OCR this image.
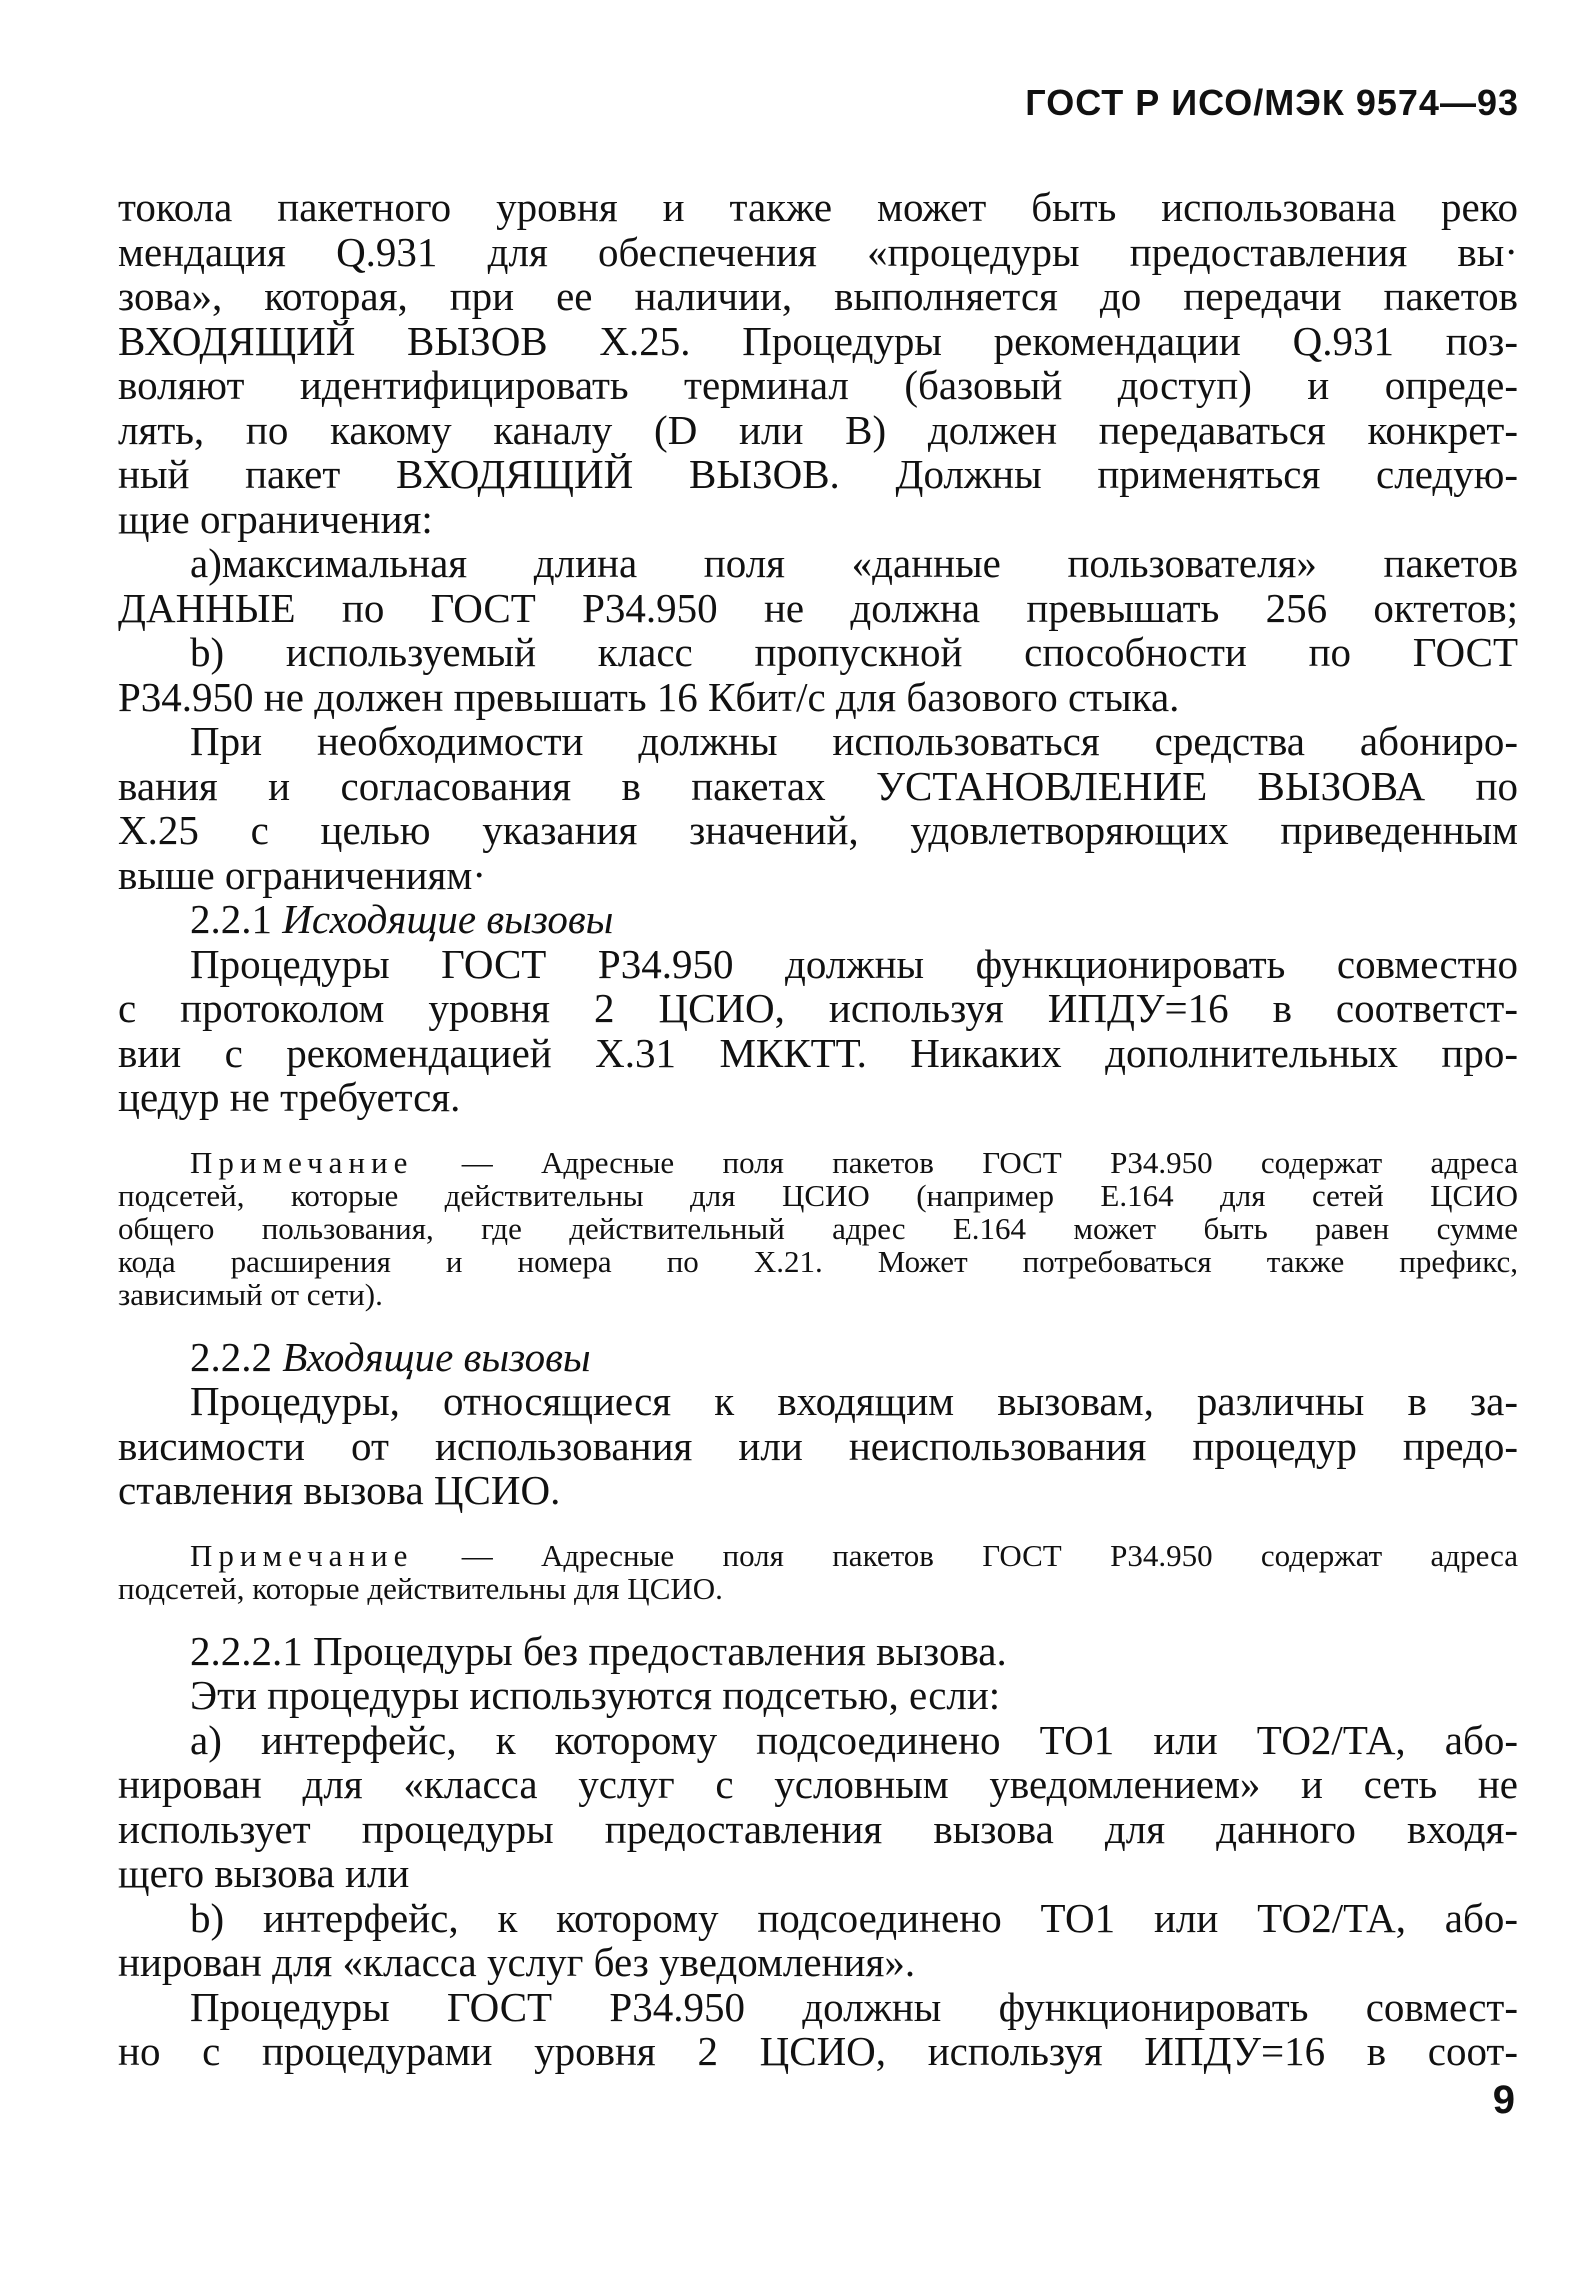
ГОСТ Р ИСО/МЭК 9574—93
токола пакетного уровня и также может быть использована реко
мендация Q.931 для обеспечения «процедуры предоставления вы·
зова», которая, при ее наличии, выполняется до передачи пакетов
ВХОДЯЩИЙ ВЫЗОВ X.25. Процедуры рекомендации Q.931 поз-
воляют идентифицировать терминал (базовый доступ) и опреде-
лять, по какому каналу (D или В) должен передаваться конкрет-
ный пакет ВХОДЯЩИЙ ВЫЗОВ. Должны применяться следую-
щие ограничения:
а)максимальная длина поля «данные пользователя» пакетов
ДАННЫЕ по ГОСТ Р34.950 не должна превышать 256 октетов;
b) используемый класс пропускной способности по ГОСТ
Р34.950 не должен превышать 16 Кбит/с для базового стыка.
При необходимости должны использоваться средства абониро-
вания и согласования в пакетах УСТАНОВЛЕНИЕ ВЫЗОВА по
X.25 с целью указания значений, удовлетворяющих приведенным
выше ограничениям·
2.2.1 Исходящие вызовы
Процедуры ГОСТ Р34.950 должны функционировать совместно
с протоколом уровня 2 ЦСИО, используя ИПДУ=16 в соответст-
вии с рекомендацией X.31 МККТТ. Никаких дополнительных про-
цедур не требуется.
Примечание — Адресные поля пакетов ГОСТ Р34.950 содержат адреса
подсетей, которые действительны для ЦСИО (например Е.164 для сетей ЦСИО
общего пользования, где действительный адрес Е.164 может быть равен сумме
кода расширения и номера по X.21. Может потребоваться также префикс,
зависимый от сети).
2.2.2 Входящие вызовы
Процедуры, относящиеся к входящим вызовам, различны в за-
висимости от использования или неиспользования процедур предо-
ставления вызова ЦСИО.
Примечание — Адресные поля пакетов ГОСТ Р34.950 содержат адреса
подсетей, которые действительны для ЦСИО.
2.2.2.1 Процедуры без предоставления вызова.
Эти процедуры используются подсетью, если:
а) интерфейс, к которому подсоединено ТО1 или ТО2/ТА, або-
нирован для «класса услуг с условным уведомлением» и сеть не
использует процедуры предоставления вызова для данного входя-
щего вызова или
b) интерфейс, к которому подсоединено ТО1 или ТО2/ТА, або-
нирован для «класса услуг без уведомления».
Процедуры ГОСТ Р34.950 должны функционировать совмест-
но с процедурами уровня 2 ЦСИО, используя ИПДУ=16 в соот-
9
